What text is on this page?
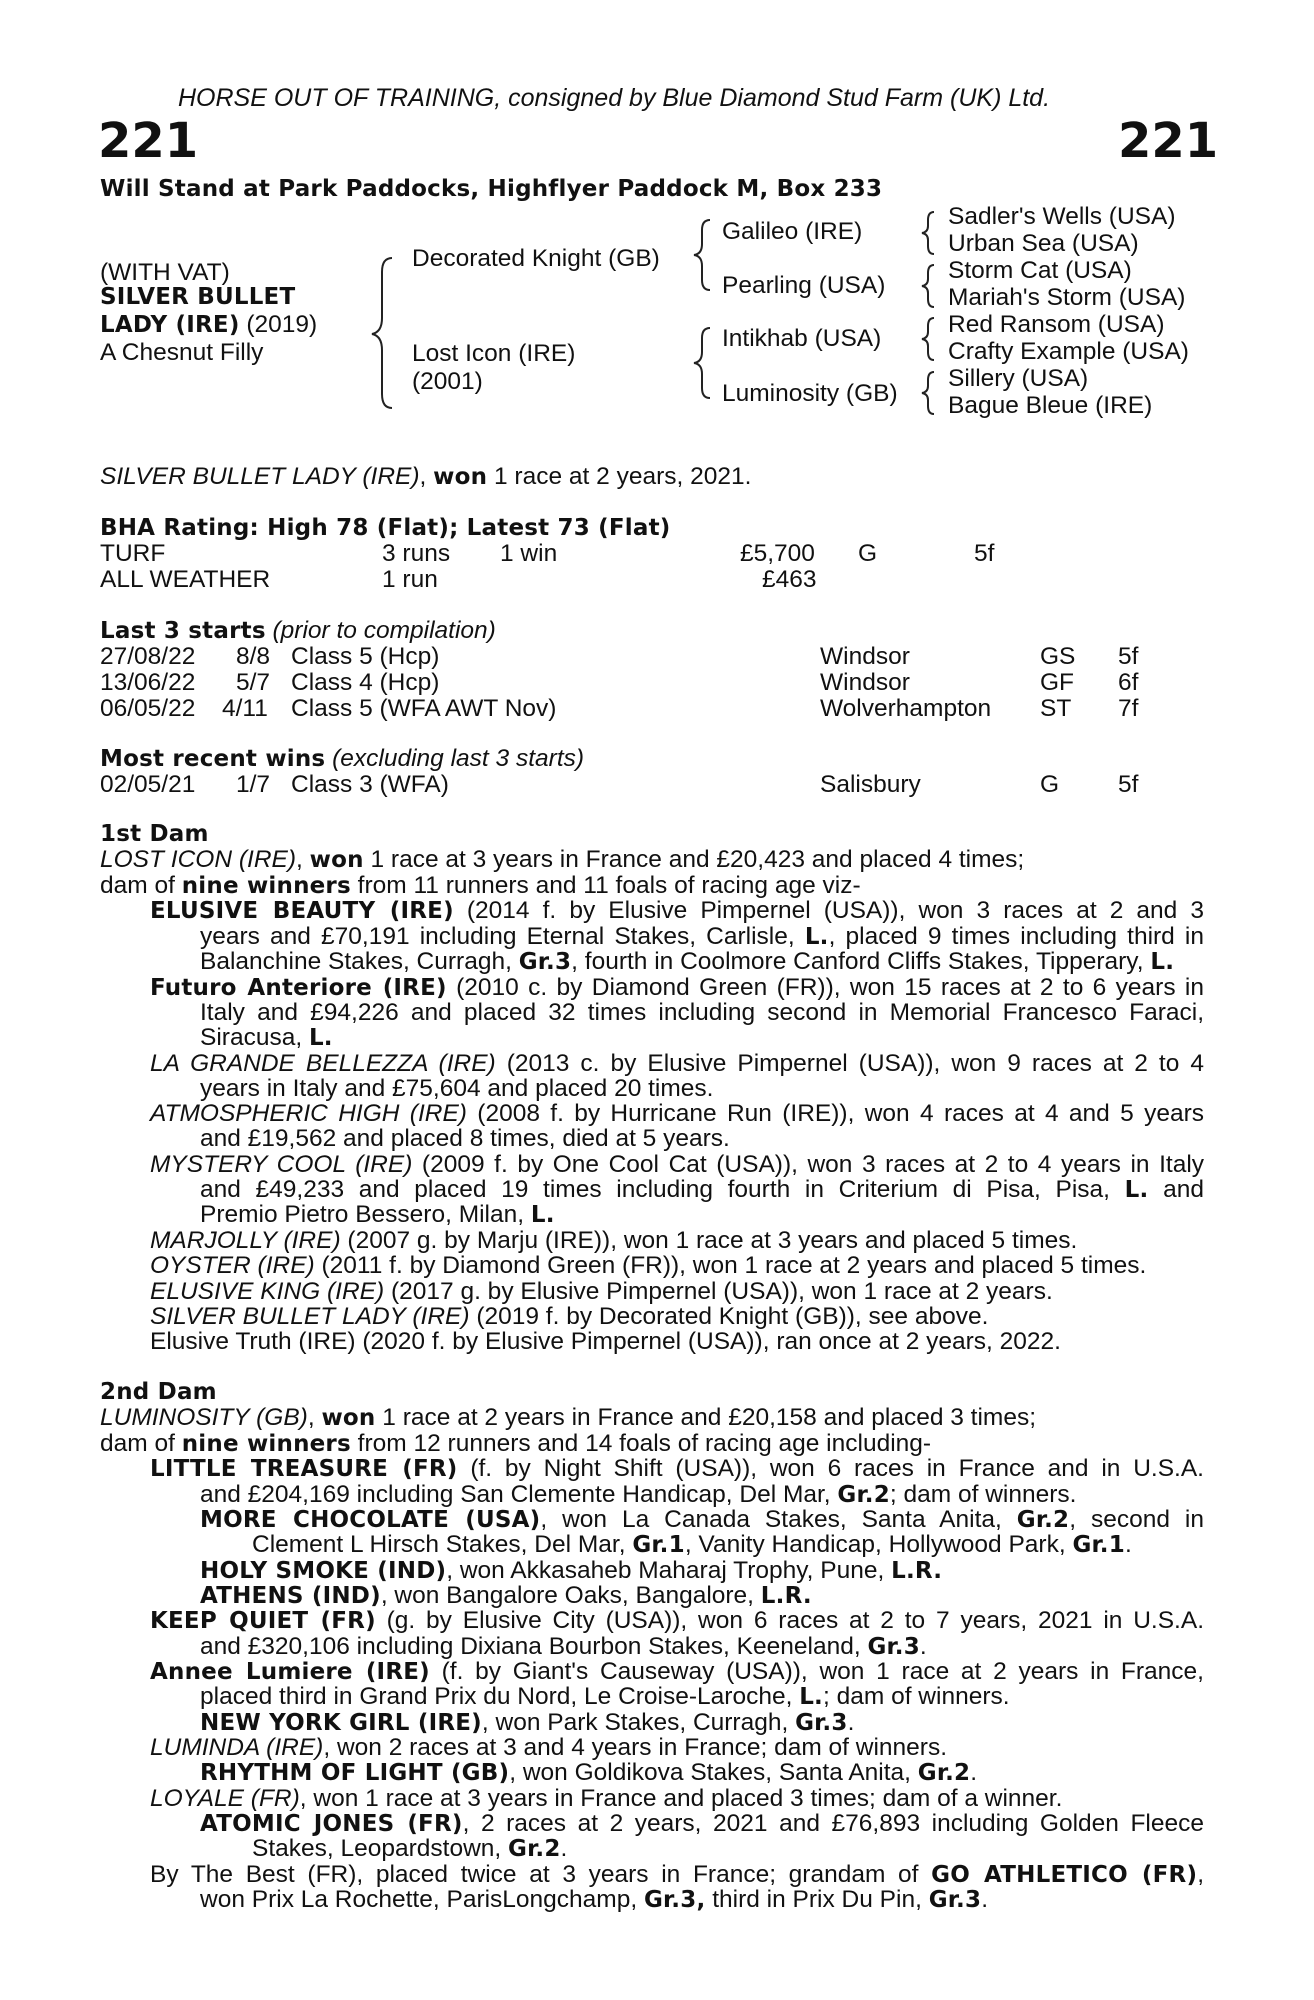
HORSE OUT OF TRAINING, consigned by Blue Diamond Stud Farm (UK) Ltd.
221	221
Will Stand at Park Paddocks, Highflyer Paddock M, Box 233
(WITH VAT)
SILVER BULLET
LADY (IRE) (2019)
A Chesnut Filly
Decorated Knight (GB)
Lost Icon (IRE)
(2001)
Galileo (IRE)
Pearling (USA)
Intikhab (USA)
Luminosity (GB)
Sadler's Wells (USA)
Urban Sea (USA)
Storm Cat (USA)
Mariah's Storm (USA)
Red Ransom (USA)
Crafty Example (USA)
Sillery (USA)
Bague Bleue (IRE)
SILVER BULLET LADY (IRE), won 1 race at 2 years, 2021.
BHA Rating: High 78 (Flat); Latest 73 (Flat)
TURF	3 runs 1 win	£5,700 G	5f
ALL WEATHER	1 run	£463
Last 3 starts (prior to compilation)
27/08/22 8/8 Class 5 (Hcp)	Windsor	GS 5f
13/06/22 5/7 Class 4 (Hcp)	Windsor	GF 6f
06/05/22 4/11 Class 5 (WFA AWT Nov)	Wolverhampton ST 7f
Most recent wins (excluding last 3 starts)
02/05/21 1/7 Class 3 (WFA)	Salisbury	G 5f
1st Dam
LOST ICON (IRE), won 1 race at 3 years in France and £20,423 and placed 4 times;
dam of nine winners from 11 runners and 11 foals of racing age viz-
ELUSIVE BEAUTY (IRE) (2014 f. by Elusive Pimpernel (USA)), won 3 races at 2 and 3
years and £70,191 including Eternal Stakes, Carlisle, L., placed 9 times including third in
Balanchine Stakes, Curragh, Gr.3, fourth in Coolmore Canford Cliffs Stakes, Tipperary, L.
Futuro Anteriore (IRE) (2010 c. by Diamond Green (FR)), won 15 races at 2 to 6 years in
Italy and £94,226 and placed 32 times including second in Memorial Francesco Faraci,
Siracusa, L.
LA GRANDE BELLEZZA (IRE) (2013 c. by Elusive Pimpernel (USA)), won 9 races at 2 to 4
years in Italy and £75,604 and placed 20 times.
ATMOSPHERIC HIGH (IRE) (2008 f. by Hurricane Run (IRE)), won 4 races at 4 and 5 years
and £19,562 and placed 8 times, died at 5 years.
MYSTERY COOL (IRE) (2009 f. by One Cool Cat (USA)), won 3 races at 2 to 4 years in Italy
and £49,233 and placed 19 times including fourth in Criterium di Pisa, Pisa, L. and
Premio Pietro Bessero, Milan, L.
MARJOLLY (IRE) (2007 g. by Marju (IRE)), won 1 race at 3 years and placed 5 times.
OYSTER (IRE) (2011 f. by Diamond Green (FR)), won 1 race at 2 years and placed 5 times.
ELUSIVE KING (IRE) (2017 g. by Elusive Pimpernel (USA)), won 1 race at 2 years.
SILVER BULLET LADY (IRE) (2019 f. by Decorated Knight (GB)), see above.
Elusive Truth (IRE) (2020 f. by Elusive Pimpernel (USA)), ran once at 2 years, 2022.
2nd Dam
LUMINOSITY (GB), won 1 race at 2 years in France and £20,158 and placed 3 times;
dam of nine winners from 12 runners and 14 foals of racing age including-
LITTLE TREASURE (FR) (f. by Night Shift (USA)), won 6 races in France and in U.S.A.
and £204,169 including San Clemente Handicap, Del Mar, Gr.2; dam of winners.
MORE CHOCOLATE (USA), won La Canada Stakes, Santa Anita, Gr.2, second in
Clement L Hirsch Stakes, Del Mar, Gr.1, Vanity Handicap, Hollywood Park, Gr.1.
HOLY SMOKE (IND), won Akkasaheb Maharaj Trophy, Pune, L.R.
ATHENS (IND), won Bangalore Oaks, Bangalore, L.R.
KEEP QUIET (FR) (g. by Elusive City (USA)), won 6 races at 2 to 7 years, 2021 in U.S.A.
and £320,106 including Dixiana Bourbon Stakes, Keeneland, Gr.3.
Annee Lumiere (IRE) (f. by Giant's Causeway (USA)), won 1 race at 2 years in France,
placed third in Grand Prix du Nord, Le Croise-Laroche, L.; dam of winners.
NEW YORK GIRL (IRE), won Park Stakes, Curragh, Gr.3.
LUMINDA (IRE), won 2 races at 3 and 4 years in France; dam of winners.
RHYTHM OF LIGHT (GB), won Goldikova Stakes, Santa Anita, Gr.2.
LOYALE (FR), won 1 race at 3 years in France and placed 3 times; dam of a winner.
ATOMIC JONES (FR), 2 races at 2 years, 2021 and £76,893 including Golden Fleece
Stakes, Leopardstown, Gr.2.
By The Best (FR), placed twice at 3 years in France; grandam of GO ATHLETICO (FR),
won Prix La Rochette, ParisLongchamp, Gr.3, third in Prix Du Pin, Gr.3.
